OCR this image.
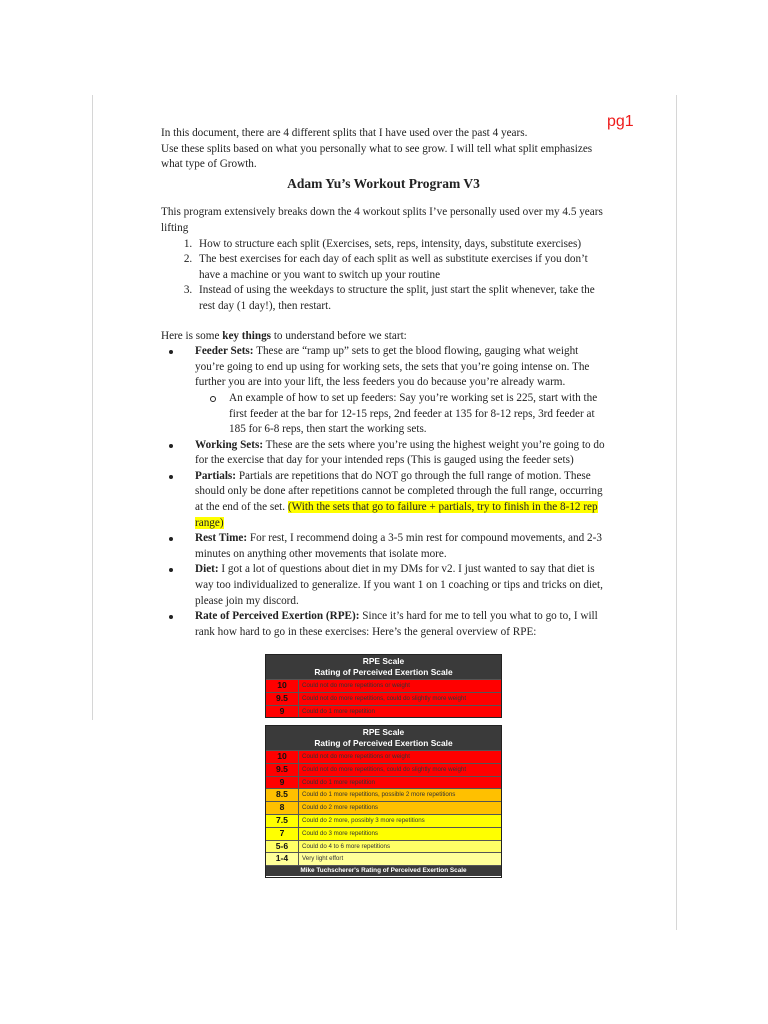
pg1

In this document, there are 4 different splits that I have used over the past 4 years.

Use these splits based on what you personally what to see grow. I will tell what split emphasizes what type of Growth.

Adam Yu’s Workout Program V3

This program extensively breaks down the 4 workout splits I’ve personally used over my 4.5 years lifting

1. How to structure each split (Exercises, sets, reps, intensity, days, substitute exercises)
2. The best exercises for each day of each split as well as substitute exercises if you don’t have a machine or you want to switch up your routine
3. Instead of using the weekdays to structure the split, just start the split whenever, take the rest day (1 day!), then restart.

Here is some key things to understand before we start:

Feeder Sets: These are “ramp up” sets to get the blood flowing, gauging what weight you’re going to end up using for working sets, the sets that you’re going intense on. The further you are into your lift, the less feeders you do because you’re already warm.
An example of how to set up feeders: Say you’re working set is 225, start with the first feeder at the bar for 12-15 reps, 2nd feeder at 135 for 8-12 reps, 3rd feeder at 185 for 6-8 reps, then start the working sets.
Working Sets: These are the sets where you’re using the highest weight you’re going to do for the exercise that day for your intended reps (This is gauged using the feeder sets)
Partials: Partials are repetitions that do NOT go through the full range of motion. These should only be done after repetitions cannot be completed through the full range, occurring at the end of the set. (With the sets that go to failure + partials, try to finish in the 8-12 rep range)
Rest Time: For rest, I recommend doing a 3-5 min rest for compound movements, and 2-3 minutes on anything other movements that isolate more.
Diet: I got a lot of questions about diet in my DMs for v2. I just wanted to say that diet is way too individualized to generalize. If you want 1 on 1 coaching or tips and tricks on diet, please join my discord.
Rate of Perceived Exertion (RPE): Since it’s hard for me to tell you what to go to, I will rank how hard to go in these exercises: Here’s the general overview of RPE:
RPE Scale
Rating of Perceived Exertion Scale
10	Could not do more repetitions or weight
9.5	Could not do more repetitions, could do slightly more weight
9	Could do 1 more repetition
RPE Scale
Rating of Perceived Exertion Scale
10	Could not do more repetitions or weight
9.5	Could not do more repetitions, could do slightly more weight
9	Could do 1 more repetition
8.5	Could do 1 more repetitions, possible 2 more repetitions
8	Could do 2 more repetitions
7.5	Could do 2 more, possibly 3 more repetitions
7	Could do 3 more repetitions
5-6	Could do 4 to 6 more repetitions
1-4	Very light effort
Mike Tuchscherer's Rating of Perceived Exertion Scale
